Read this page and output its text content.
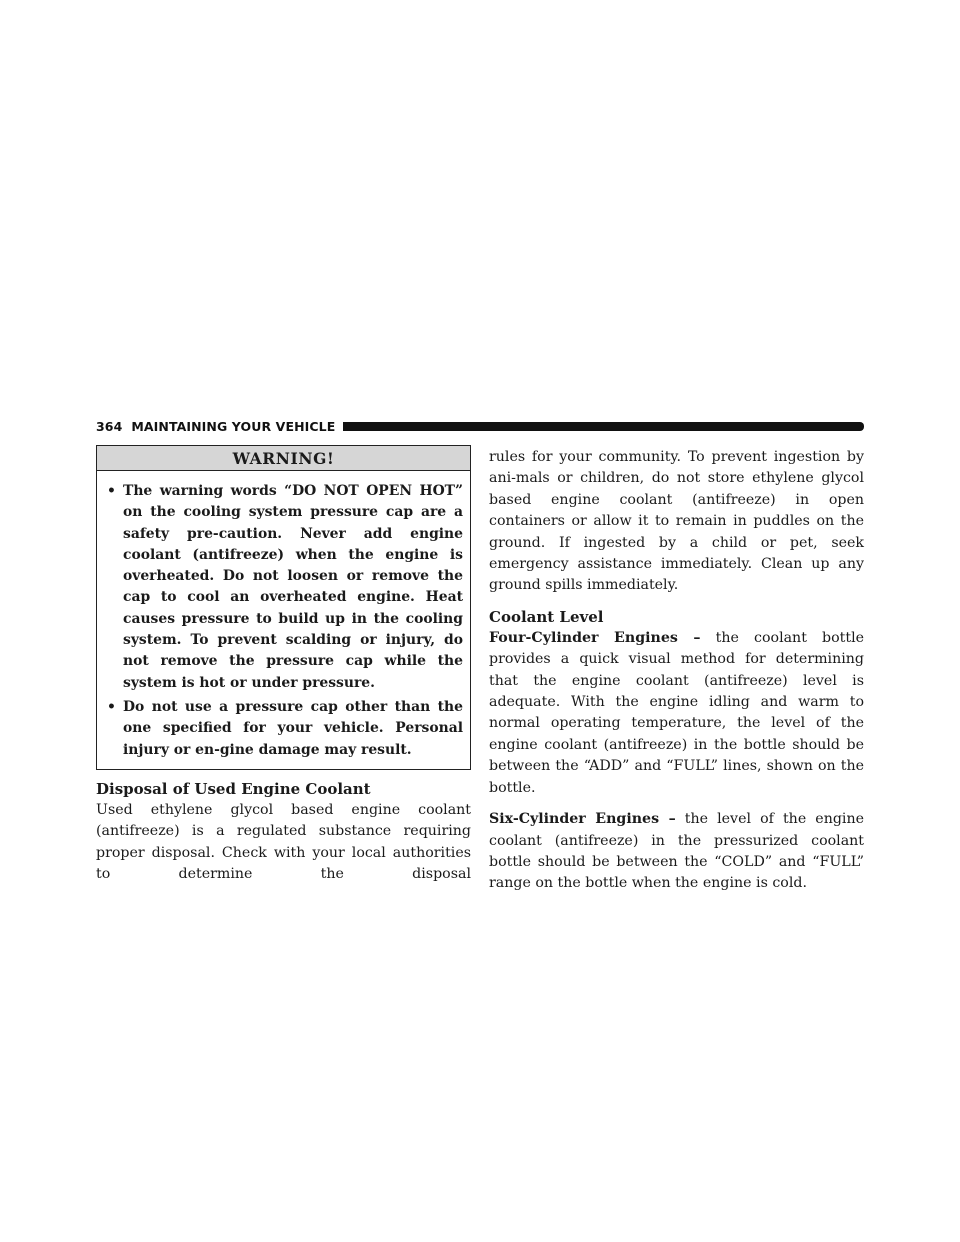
364 MAINTAINING YOUR VEHICLE
WARNING!
• The warning words “DO NOT OPEN HOT” on the cooling system pressure cap are a safety pre-caution. Never add engine coolant (antifreeze) when the engine is overheated. Do not loosen or remove the cap to cool an overheated engine. Heat causes pressure to build up in the cooling system. To prevent scalding or injury, do not remove the pressure cap while the system is hot or under pressure.
• Do not use a pressure cap other than the one specified for your vehicle. Personal injury or en-gine damage may result.
Disposal of Used Engine Coolant

Used ethylene glycol based engine coolant (antifreeze) is a regulated substance requiring proper disposal. Check with your local authorities to determine the disposal

rules for your community. To prevent ingestion by ani-mals or children, do not store ethylene glycol based engine coolant (antifreeze) in open containers or allow it to remain in puddles on the ground. If ingested by a child or pet, seek emergency assistance immediately. Clean up any ground spills immediately.

Coolant Level

Four-Cylinder Engines – the coolant bottle provides a quick visual method for determining that the engine coolant (antifreeze) level is adequate. With the engine idling and warm to normal operating temperature, the level of the engine coolant (antifreeze) in the bottle should be between the “ADD” and “FULL” lines, shown on the bottle.

Six-Cylinder Engines – the level of the engine coolant (antifreeze) in the pressurized coolant bottle should be between the “COLD” and “FULL” range on the bottle when the engine is cold.
